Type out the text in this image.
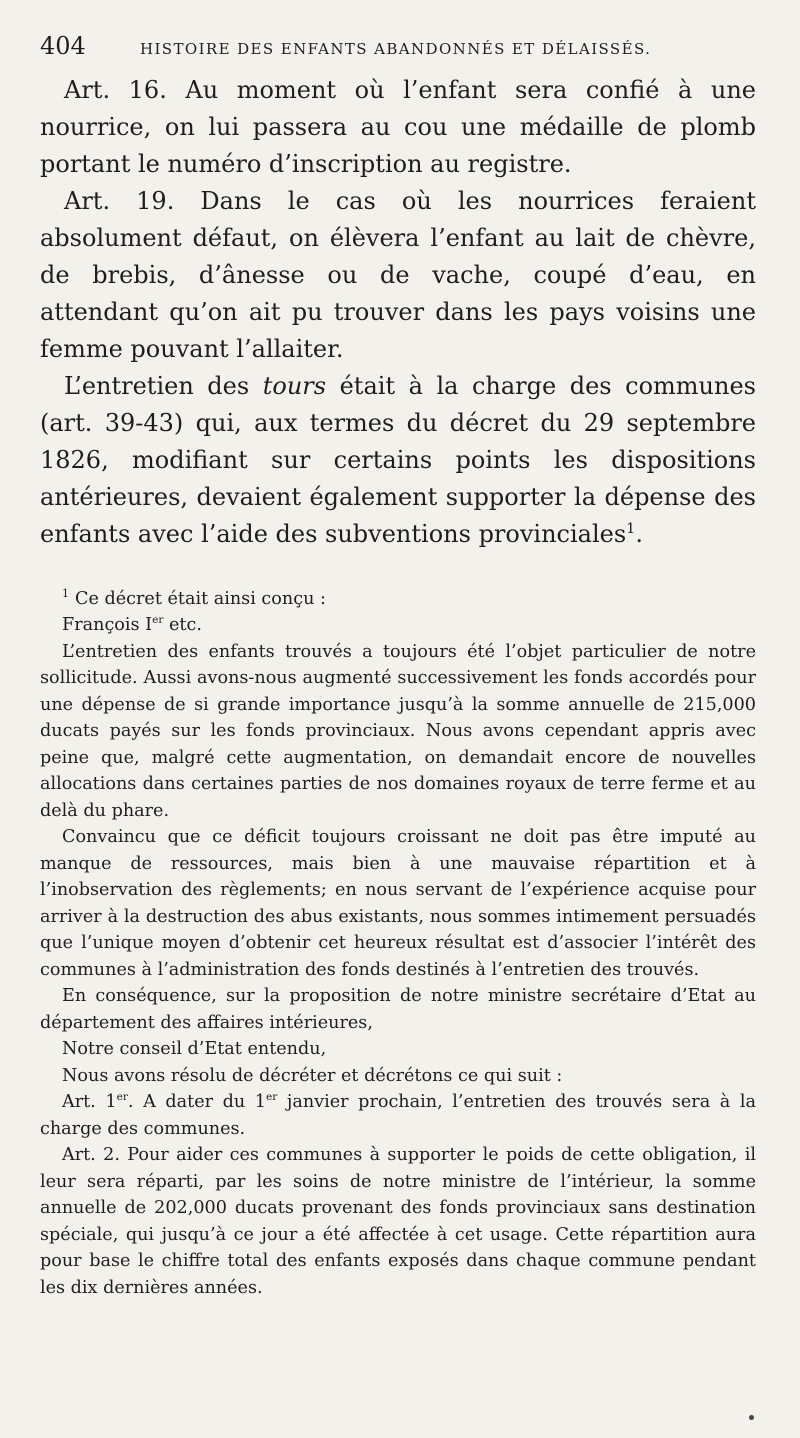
404	HISTOIRE DES ENFANTS ABANDONNÉS ET DÉLAISSÉS.

Art. 16. Au moment où l’enfant sera confié à une nourrice, on lui passera au cou une médaille de plomb portant le numéro d’inscription au registre.

Art. 19. Dans le cas où les nourrices feraient absolument défaut, on élèvera l’enfant au lait de chèvre, de brebis, d’ânesse ou de vache, coupé d’eau, en attendant qu’on ait pu trouver dans les pays voisins une femme pouvant l’allaiter.

L’entretien des tours était à la charge des communes (art. 39-43) qui, aux termes du décret du 29 septembre 1826, modifiant sur certains points les dispositions antérieures, devaient également supporter la dépense des enfants avec l’aide des subventions provinciales$^1$.

$^1$ Ce décret était ainsi conçu :

François Ier etc.

L’entretien des enfants trouvés a toujours été l’objet particulier de notre sollicitude. Aussi avons-nous augmenté successivement les fonds accordés pour une dépense de si grande importance jusqu’à la somme annuelle de 215,000 ducats payés sur les fonds provinciaux. Nous avons cependant appris avec peine que, malgré cette augmentation, on demandait encore de nouvelles allocations dans certaines parties de nos domaines royaux de terre ferme et au delà du phare.

Convaincu que ce déficit toujours croissant ne doit pas être imputé au manque de ressources, mais bien à une mauvaise répartition et à l’inobservation des règlements; en nous servant de l’expérience acquise pour arriver à la destruction des abus existants, nous sommes intimement persuadés que l’unique moyen d’obtenir cet heureux résultat est d’associer l’intérêt des communes à l’administration des fonds destinés à l’entretien des trouvés.

En conséquence, sur la proposition de notre ministre secrétaire d’Etat au département des affaires intérieures,

Notre conseil d’Etat entendu,

Nous avons résolu de décréter et décrétons ce qui suit :

Art. 1er. A dater du 1er janvier prochain, l’entretien des trouvés sera à la charge des communes.

Art. 2. Pour aider ces communes à supporter le poids de cette obligation, il leur sera réparti, par les soins de notre ministre de l’intérieur, la somme annuelle de 202,000 ducats provenant des fonds provinciaux sans destination spéciale, qui jusqu’à ce jour a été affectée à cet usage. Cette répartition aura pour base le chiffre total des enfants exposés dans chaque commune pendant les dix dernières années.
